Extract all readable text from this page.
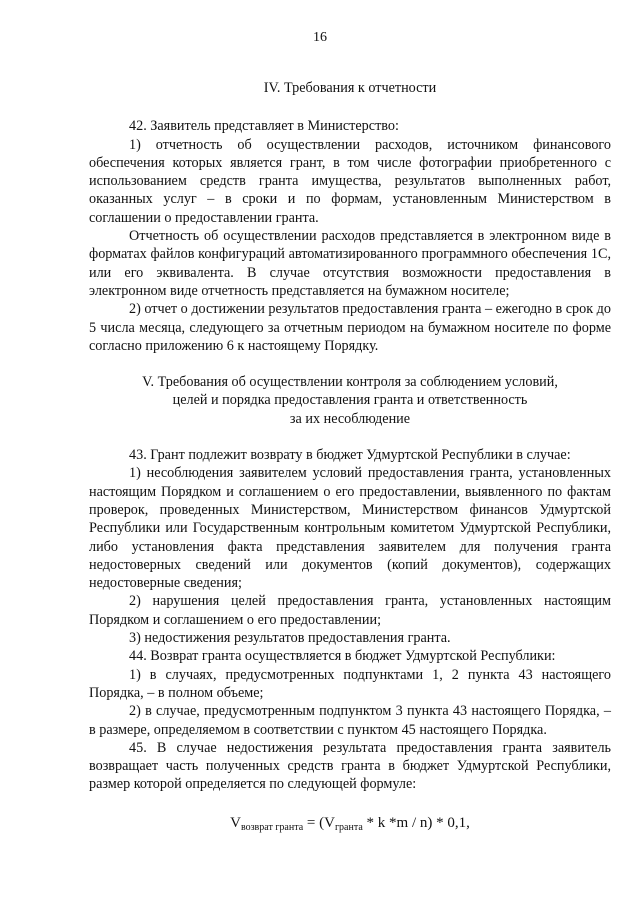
16
IV. Требования к отчетности

42. Заявитель представляет в Министерство:

1) отчетность об осуществлении расходов, источником финансового обеспечения которых является грант, в том числе фотографии приобретенного с использованием средств гранта имущества, результатов выполненных работ, оказанных услуг – в сроки и по формам, установленным Министерством в соглашении о предоставлении гранта.

Отчетность об осуществлении расходов представляется в электронном виде в форматах файлов конфигураций автоматизированного программного обеспечения 1С, или его эквивалента. В случае отсутствия возможности предоставления в электронном виде отчетность представляется на бумажном носителе;

2) отчет о достижении результатов предоставления гранта – ежегодно в срок до 5 числа месяца, следующего за отчетным периодом на бумажном носителе по форме согласно приложению 6 к настоящему Порядку.

V. Требования об осуществлении контроля за соблюдением условий,
целей и порядка предоставления гранта и ответственность
за их несоблюдение

43. Грант подлежит возврату в бюджет Удмуртской Республики в случае:

1) несоблюдения заявителем условий предоставления гранта, установленных настоящим Порядком и соглашением о его предоставлении, выявленного по фактам проверок, проведенных Министерством, Министерством финансов Удмуртской Республики или Государственным контрольным комитетом Удмуртской Республики, либо установления факта представления заявителем для получения гранта недостоверных сведений или документов (копий документов), содержащих недостоверные сведения;

2) нарушения целей предоставления гранта, установленных настоящим Порядком и соглашением о его предоставлении;

3) недостижения результатов предоставления гранта.

44. Возврат гранта осуществляется в бюджет Удмуртской Республики:

1) в случаях, предусмотренных подпунктами 1, 2 пункта 43 настоящего Порядка, – в полном объеме;

2) в случае, предусмотренным подпунктом 3 пункта 43 настоящего Порядка, – в размере, определяемом в соответствии с пунктом 45 настоящего Порядка.

45. В случае недостижения результата предоставления гранта заявитель возвращает часть полученных средств гранта в бюджет Удмуртской Республики, размер которой определяется по следующей формуле:

$V_{возврат гранта} = (V_{гранта} * k$ *m / n) * 0,1,
